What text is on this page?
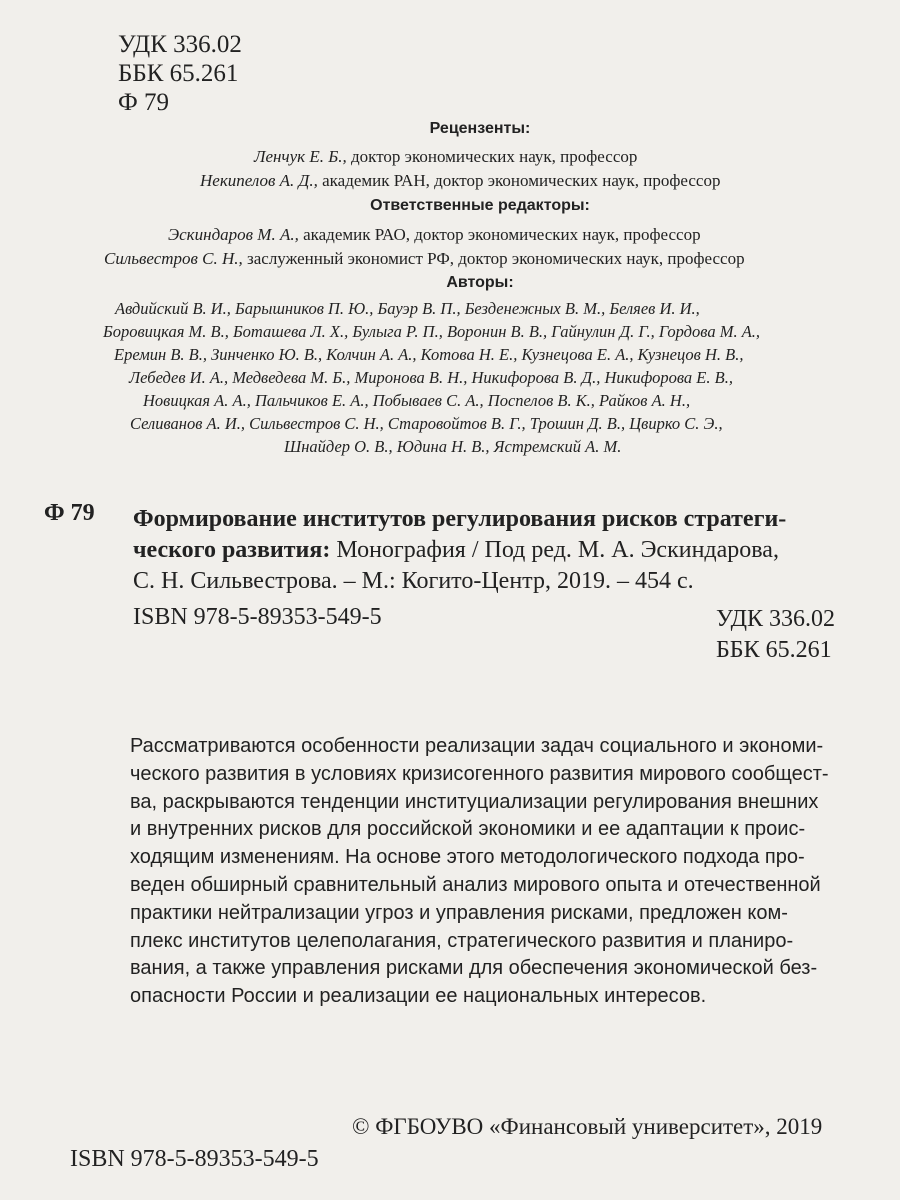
УДК 336.02
ББК 65.261
Ф 79
Рецензенты:
Ленчук Е. Б., доктор экономических наук, профессор
Некипелов А. Д., академик РАН, доктор экономических наук, профессор
Ответственные редакторы:
Эскиндаров М. А., академик РАО, доктор экономических наук, профессор
Сильвестров С. Н., заслуженный экономист РФ, доктор экономических наук, профессор
Авторы:
Авдийский В. И., Барышников П. Ю., Бауэр В. П., Безденежных В. М., Беляев И. И.,
Боровицкая М. В., Боташева Л. Х., Булыга Р. П., Воронин В. В., Гайнулин Д. Г., Гордова М. А.,
Еремин В. В., Зинченко Ю. В., Колчин А. А., Котова Н. Е., Кузнецова Е. А., Кузнецов Н. В.,
Лебедев И. А., Медведева М. Б., Миронова В. Н., Никифорова В. Д., Никифорова Е. В.,
Новицкая А. А., Пальчиков Е. А., Побываев С. А., Поспелов В. К., Райков А. Н.,
Селиванов А. И., Сильвестров С. Н., Старовойтов В. Г., Трошин Д. В., Цвирко С. Э.,
Шнайдер О. В., Юдина Н. В., Ястремский А. М.
Ф 79 Формирование институтов регулирования рисков стратеги-
ческого развития: Монография / Под ред. М. А. Эскиндарова,
С. Н. Сильвестрова. – М.: Когито-Центр, 2019. – 454 с.
ISBN 978-5-89353-549-5	УДК 336.02
ББК 65.261
Рассматриваются особенности реализации задач социального и экономи-
ческого развития в условиях кризисогенного развития мирового сообщест-
ва, раскрываются тенденции институциализации регулирования внешних
и внутренних рисков для российской экономики и ее адаптации к проис-
ходящим изменениям. На основе этого методологического подхода про-
веден обширный сравнительный анализ мирового опыта и отечественной
практики нейтрализации угроз и управления рисками, предложен ком-
плекс институтов целеполагания, стратегического развития и планиро-
вания, а также управления рисками для обеспечения экономической без-
опасности России и реализации ее национальных интересов.
© ФГБОУВО «Финансовый университет», 2019
ISBN 978-5-89353-549-5
